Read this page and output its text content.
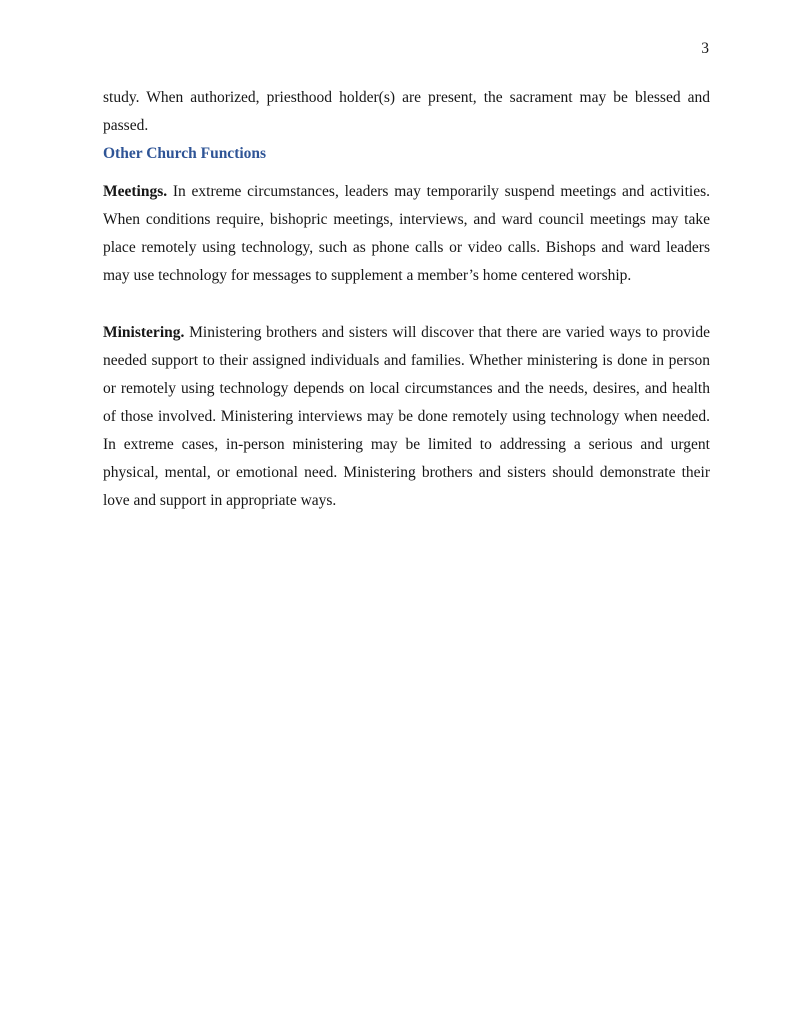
3

study. When authorized, priesthood holder(s) are present, the sacrament may be blessed and passed.

Other Church Functions

Meetings. In extreme circumstances, leaders may temporarily suspend meetings and activities. When conditions require, bishopric meetings, interviews, and ward council meetings may take place remotely using technology, such as phone calls or video calls. Bishops and ward leaders may use technology for messages to supplement a member’s home centered worship.

Ministering. Ministering brothers and sisters will discover that there are varied ways to provide needed support to their assigned individuals and families. Whether ministering is done in person or remotely using technology depends on local circumstances and the needs, desires, and health of those involved. Ministering interviews may be done remotely using technology when needed. In extreme cases, in-person ministering may be limited to addressing a serious and urgent physical, mental, or emotional need. Ministering brothers and sisters should demonstrate their love and support in appropriate ways.
